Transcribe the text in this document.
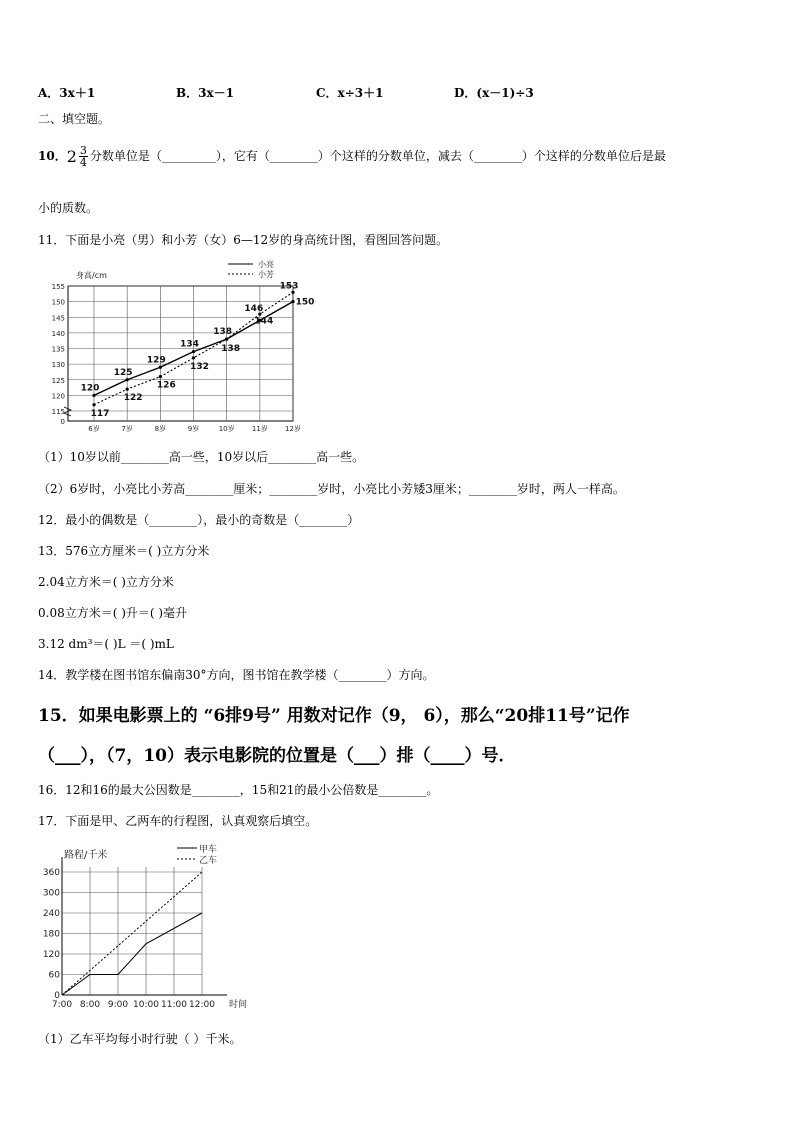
A．3x＋1	B．3x－1	C．x÷3＋1	D．(x－1)÷3
二、填空题。
10．$2 \frac{3}{4}$ 分数单位是（_________），它有（________）个这样的分数单位，减去（________）个这样的分数单位后是最
小的质数。
11．下面是小亮（男）和小芳（女）6—12岁的身高统计图，看图回答问题。
115
120
125
130
135
140
145
150
155
0
6岁	7岁	8岁	9岁	10岁 11岁 12岁
身高/cm
小亮
小芳
120
125
129
134
138
144
150
117
122
126
132
138
146
153
（1）10岁以前________高一些，10岁以后________高一些。
（2）6岁时，小亮比小芳高________厘米；________岁时，小亮比小芳矮3厘米；________岁时，两人一样高。
12．最小的偶数是（________），最小的奇数是（________）
13．576立方厘米＝( )立方分米
2.04立方米＝( )立方分米
0.08立方米＝( )升＝( )毫升
3.12 dm³＝( )L ＝( )mL
14．教学楼在图书馆东偏南30°方向，图书馆在教学楼（________）方向。
15．如果电影票上的 “6排9号” 用数对记作（9， 6），那么“20排11号”记作
（___），（7，10）表示电影院的位置是（___）排（____）号．
16．12和16的最大公因数是________，15和21的最小公倍数是________。
17．下面是甲、乙两车的行程图，认真观察后填空。
0
60
120
180
240
300
360
7:00 8:00 9:00 10:00 11:00 12:00
路程/千米
时间
甲车
乙车
（1）乙车平均每小时行驶（ ）千米。
